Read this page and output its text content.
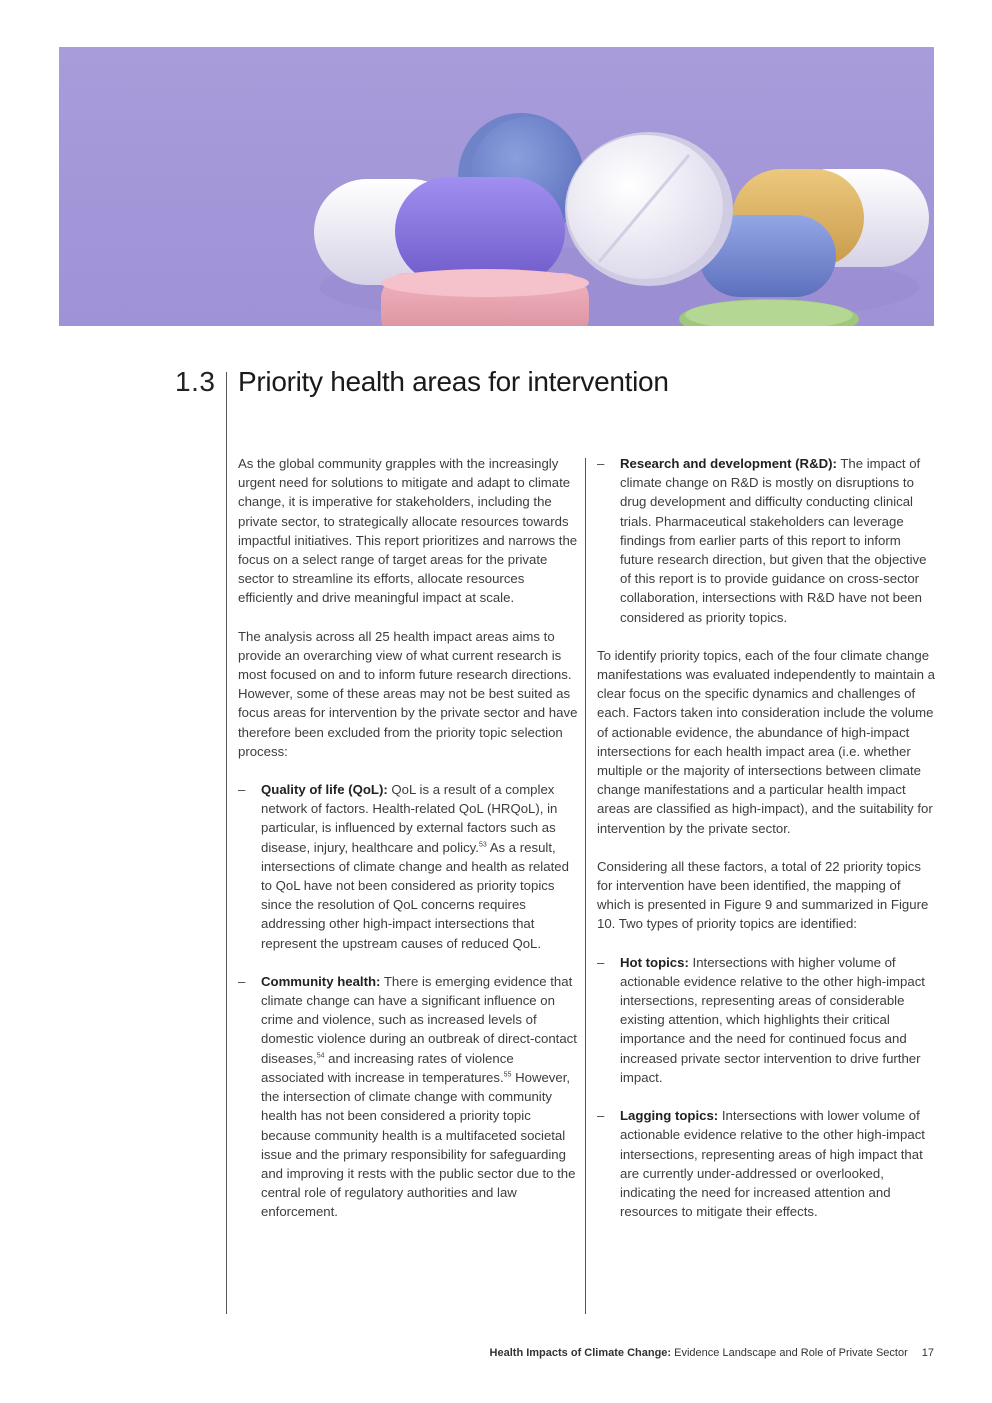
1.3 Priority health areas for intervention

As the global community grapples with the increasingly urgent need for solutions to mitigate and adapt to climate change, it is imperative for stakeholders, including the private sector, to strategically allocate resources towards impactful initiatives. This report prioritizes and narrows the focus on a select range of target areas for the private sector to streamline its efforts, allocate resources efficiently and drive meaningful impact at scale.

The analysis across all 25 health impact areas aims to provide an overarching view of what current research is most focused on and to inform future research directions. However, some of these areas may not be best suited as focus areas for intervention by the private sector and have therefore been excluded from the priority topic selection process:

– Quality of life (QoL): QoL is a result of a complex network of factors. Health-related QoL (HRQoL), in particular, is influenced by external factors such as disease, injury, healthcare and policy.$^{53}$ As a result, intersections of climate change and health as related to QoL have not been considered as priority topics since the resolution of QoL concerns requires addressing other high-impact intersections that represent the upstream causes of reduced QoL.
– Community health: There is emerging evidence that climate change can have a significant influence on crime and violence, such as increased levels of domestic violence during an outbreak of direct-contact diseases,$^{54}$ and increasing rates of violence associated with increase in temperatures.$^{55}$ However, the intersection of climate change with community health has not been considered a priority topic because community health is a multifaceted societal issue and the primary responsibility for safeguarding and improving it rests with the public sector due to the central role of regulatory authorities and law enforcement.
– Research and development (R&D): The impact of climate change on R&D is mostly on disruptions to drug development and difficulty conducting clinical trials. Pharmaceutical stakeholders can leverage findings from earlier parts of this report to inform future research direction, but given that the objective of this report is to provide guidance on cross-sector collaboration, intersections with R&D have not been considered as priority topics.

To identify priority topics, each of the four climate change manifestations was evaluated independently to maintain a clear focus on the specific dynamics and challenges of each. Factors taken into consideration include the volume of actionable evidence, the abundance of high-impact intersections for each health impact area (i.e. whether multiple or the majority of intersections between climate change manifestations and a particular health impact areas are classified as high-impact), and the suitability for intervention by the private sector.

Considering all these factors, a total of 22 priority topics for intervention have been identified, the mapping of which is presented in Figure 9 and summarized in Figure 10. Two types of priority topics are identified:

– Hot topics: Intersections with higher volume of actionable evidence relative to the other high-impact intersections, representing areas of considerable existing attention, which highlights their critical importance and the need for continued focus and increased private sector intervention to drive further impact.
– Lagging topics: Intersections with lower volume of actionable evidence relative to the other high-impact intersections, representing areas of high impact that are currently under-addressed or overlooked, indicating the need for increased attention and resources to mitigate their effects.
Health Impacts of Climate Change: Evidence Landscape and Role of Private Sector 17
